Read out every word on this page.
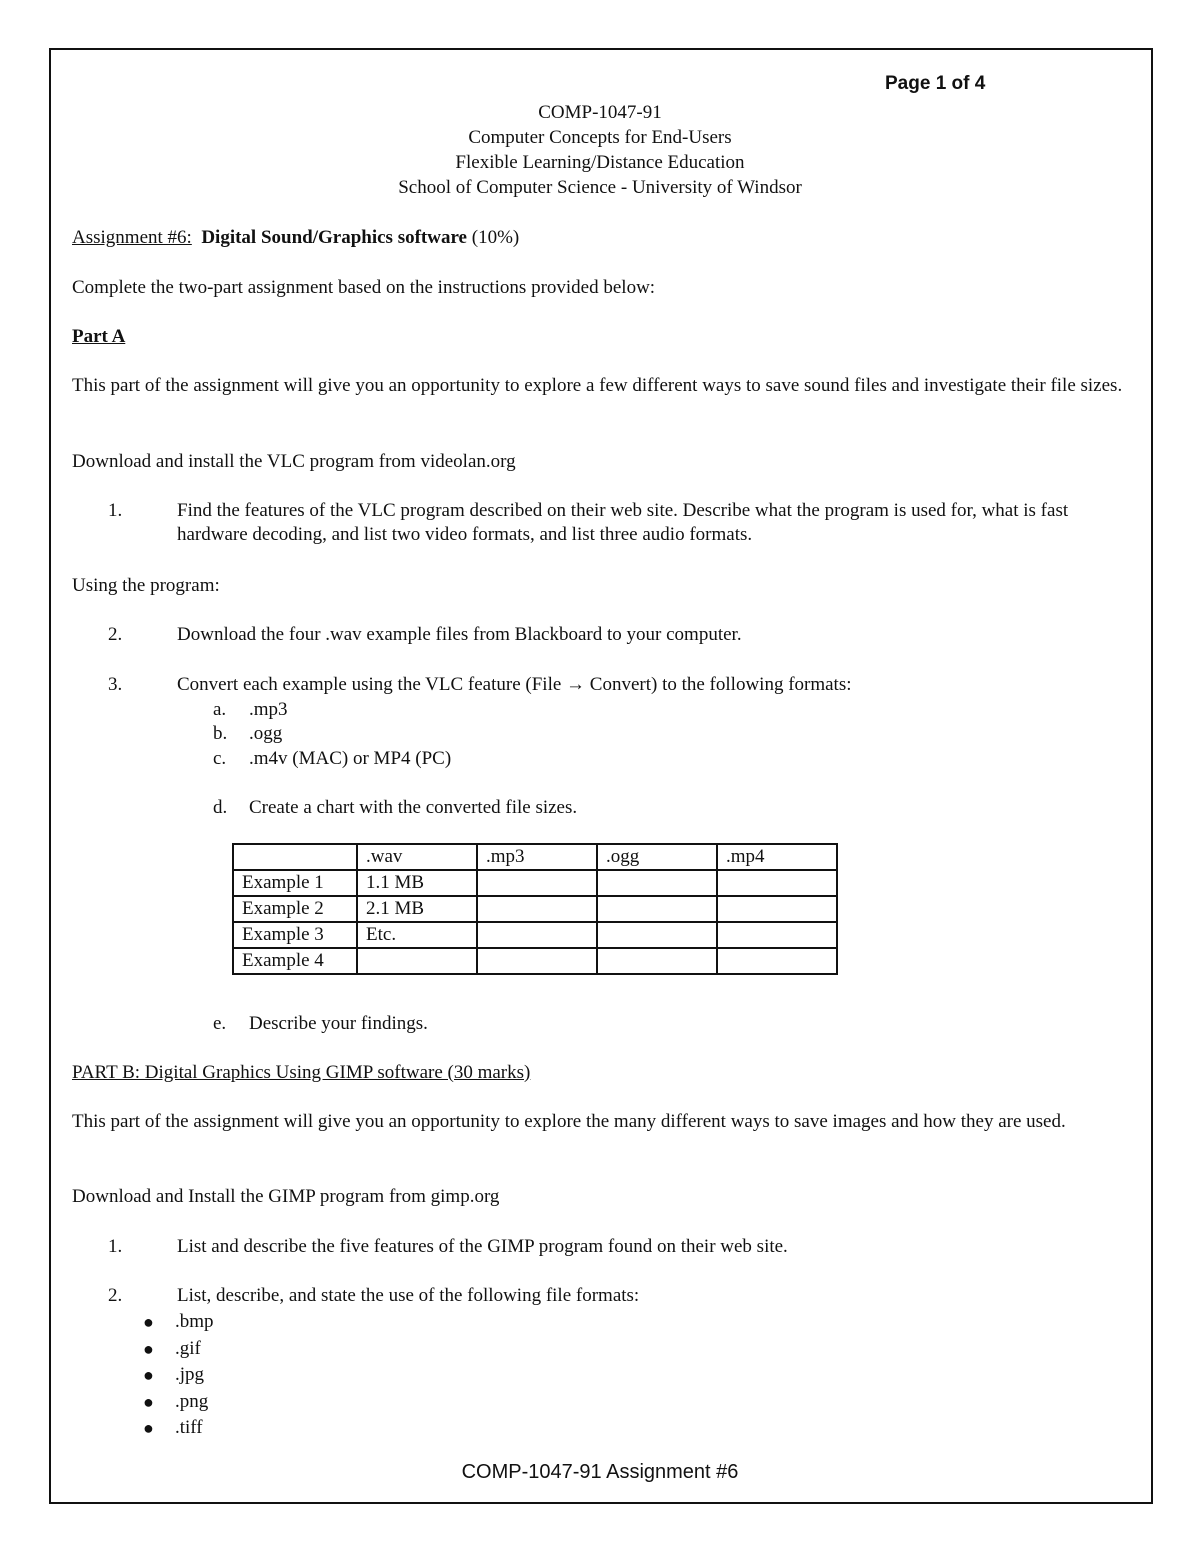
Page 1 of 4
COMP-1047-91
Computer Concepts for End-Users
Flexible Learning/Distance Education
School of Computer Science - University of Windsor
Assignment #6: Digital Sound/Graphics software (10%)
Complete the two-part assignment based on the instructions provided below:
Part A
This part of the assignment will give you an opportunity to explore a few different ways to save sound files and investigate their file sizes.
Download and install the VLC program from videolan.org
1.	Find the features of the VLC program described on their web site. Describe what the program is used for, what is fast hardware decoding, and list two video formats, and list three audio formats.
Using the program:
2.	Download the four .wav example files from Blackboard to your computer.
3.	Convert each example using the VLC feature (File → Convert) to the following formats:
a. .mp3
b. .ogg
c. .m4v (MAC) or MP4 (PC)
d. Create a chart with the converted file sizes.
	.wav	.mp3	.ogg	.mp4
Example 1	1.1 MB			
Example 2	2.1 MB			
Example 3	Etc.			
Example 4				
e. Describe your findings.
PART B: Digital Graphics Using GIMP software (30 marks)
This part of the assignment will give you an opportunity to explore the many different ways to save images and how they are used.
Download and Install the GIMP program from gimp.org
1.	List and describe the five features of the GIMP program found on their web site.
2.	List, describe, and state the use of the following file formats:
● .bmp
● .gif
● .jpg
● .png
● .tiff
COMP-1047-91 Assignment #6
